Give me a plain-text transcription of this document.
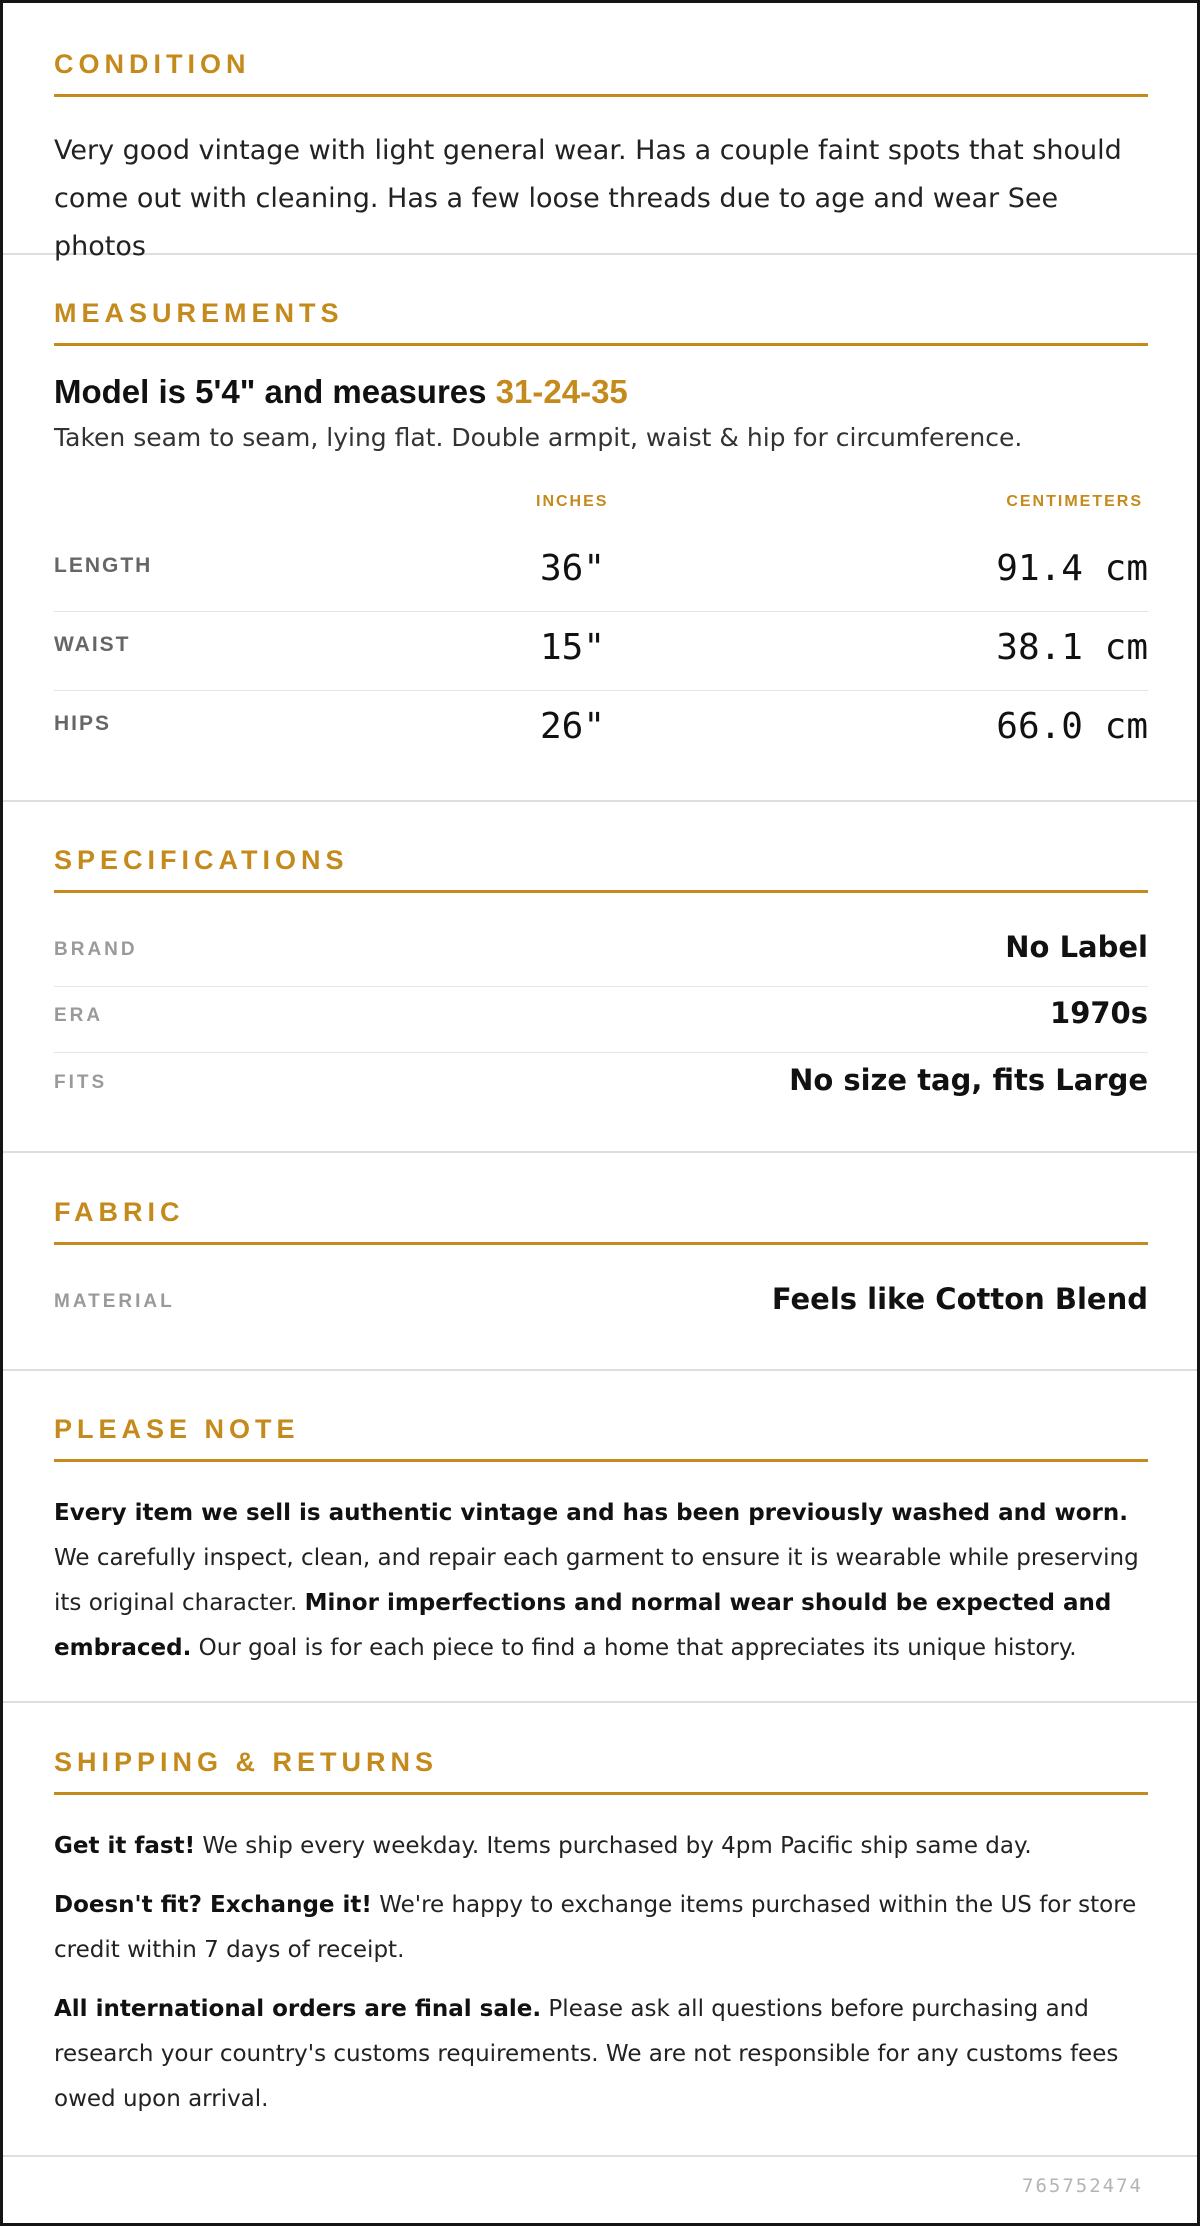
CONDITION
Very good vintage with light general wear. Has a couple faint spots that should come out with cleaning. Has a few loose threads due to age and wear See photos
MEASUREMENTS
Model is 5'4" and measures 31-24-35
Taken seam to seam, lying flat. Double armpit, waist & hip for circumference.
INCHES	CENTIMETERS
LENGTH	36"	91.4 cm
WAIST	15"	38.1 cm
HIPS	26"	66.0 cm
SPECIFICATIONS
BRAND	No Label
ERA	1970s
FITS	No size tag, fits Large
FABRIC
MATERIAL	Feels like Cotton Blend
PLEASE NOTE
Every item we sell is authentic vintage and has been previously washed and worn. We carefully inspect, clean, and repair each garment to ensure it is wearable while preserving its original character. Minor imperfections and normal wear should be expected and embraced. Our goal is for each piece to find a home that appreciates its unique history.
SHIPPING & RETURNS
Get it fast! We ship every weekday. Items purchased by 4pm Pacific ship same day.
Doesn't fit? Exchange it! We're happy to exchange items purchased within the US for store credit within 7 days of receipt.
All international orders are final sale. Please ask all questions before purchasing and research your country's customs requirements. We are not responsible for any customs fees owed upon arrival.
765752474
